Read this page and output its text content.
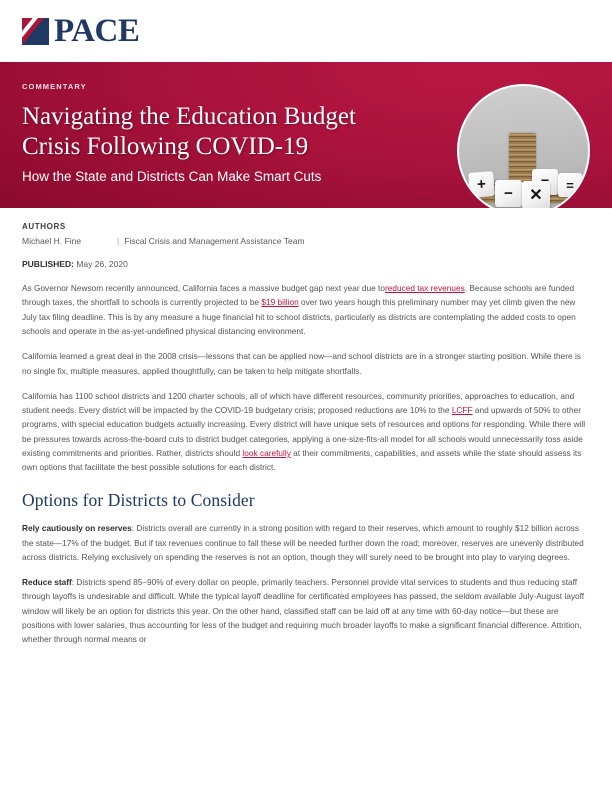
PACE
COMMENTARY
Navigating the Education Budget
Crisis Following COVID-19
How the State and Districts Can Make Smart Cuts	+	=
−	✕
AUTHORS
Michael H. Fine	| Fiscal Crisis and Management Assistance Team
PUBLISHED: May 26, 2020

As Governor Newsom recently announced, California faces a massive budget gap next year due toreduced tax revenues. Because schools are funded through taxes, the shortfall to schools is currently projected to be $19 billion over two years hough this preliminary number may yet climb given the new July tax filing deadline. This is by any measure a huge financial hit to school districts, particularly as districts are contemplating the added costs to open schools and operate in the as-yet-undefined physical distancing environment.

California learned a great deal in the 2008 crisis—lessons that can be applied now—and school districts are in a stronger starting position. While there is no single fix, multiple measures, applied thoughtfully, can be taken to help mitigate shortfalls.

California has 1100 school districts and 1200 charter schools, all of which have different resources, community priorities, approaches to education, and student needs. Every district will be impacted by the COVID-19 budgetary crisis; proposed reductions are 10% to the LCFF and upwards of 50% to other programs, with special education budgets actually increasing. Every district will have unique sets of resources and options for responding. While there will be pressures towards across-the-board cuts to district budget categories, applying a one-size-fits-all model for all schools would unnecessarily toss aside existing commitments and priorities. Rather, districts should look carefully at their commitments, capabilities, and assets while the state should assess its own options that facilitate the best possible solutions for each district.

Options for Districts to Consider

Rely cautiously on reserves: Districts overall are currently in a strong position with regard to their reserves, which amount to roughly $12 billion across the state—17% of the budget. But if tax revenues continue to fall these will be needed further down the road; moreover, reserves are unevenly distributed across districts. Relying exclusively on spending the reserves is not an option, though they will surely need to be brought into play to varying degrees.

Reduce staff: Districts spend 85–90% of every dollar on people, primarily teachers. Personnel provide vital services to students and thus reducing staff through layoffs is undesirable and difficult. While the typical layoff deadline for certificated employees has passed, the seldom available July-August layoff window will likely be an option for districts this year. On the other hand, classified staff can be laid off at any time with 60-day notice—but these are positions with lower salaries, thus accounting for less of the budget and requiring much broader layoffs to make a significant financial difference. Attrition, whether through normal means or
